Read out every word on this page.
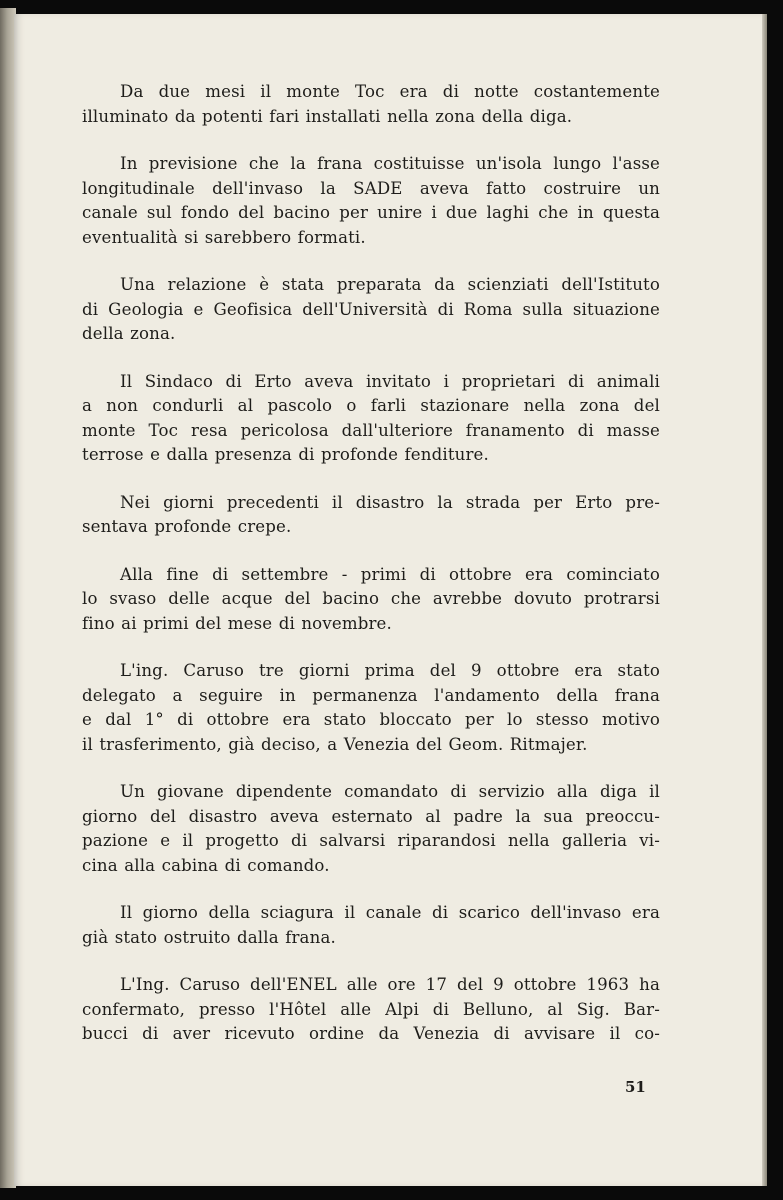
Da due mesi il monte Toc era di notte costantemente
illuminato da potenti fari installati nella zona della diga.

In previsione che la frana costituisse un'isola lungo l'asse
longitudinale dell'invaso la SADE aveva fatto costruire un
canale sul fondo del bacino per unire i due laghi che in questa
eventualità si sarebbero formati.

Una relazione è stata preparata da scienziati dell'Istituto
di Geologia e Geofisica dell'Università di Roma sulla situazione
della zona.

Il Sindaco di Erto aveva invitato i proprietari di animali
a non condurli al pascolo o farli stazionare nella zona del
monte Toc resa pericolosa dall'ulteriore franamento di masse
terrose e dalla presenza di profonde fenditure.

Nei giorni precedenti il disastro la strada per Erto pre-
sentava profonde crepe.

Alla fine di settembre - primi di ottobre era cominciato
lo svaso delle acque del bacino che avrebbe dovuto protrarsi
fino ai primi del mese di novembre.

L'ing. Caruso tre giorni prima del 9 ottobre era stato
delegato a seguire in permanenza l'andamento della frana
e dal 1° di ottobre era stato bloccato per lo stesso motivo
il trasferimento, già deciso, a Venezia del Geom. Ritmajer.

Un giovane dipendente comandato di servizio alla diga il
giorno del disastro aveva esternato al padre la sua preoccu-
pazione e il progetto di salvarsi riparandosi nella galleria vi-
cina alla cabina di comando.

Il giorno della sciagura il canale di scarico dell'invaso era
già stato ostruito dalla frana.

L'Ing. Caruso dell'ENEL alle ore 17 del 9 ottobre 1963 ha
confermato, presso l'Hôtel alle Alpi di Belluno, al Sig. Bar-
bucci di aver ricevuto ordine da Venezia di avvisare il co-

51
